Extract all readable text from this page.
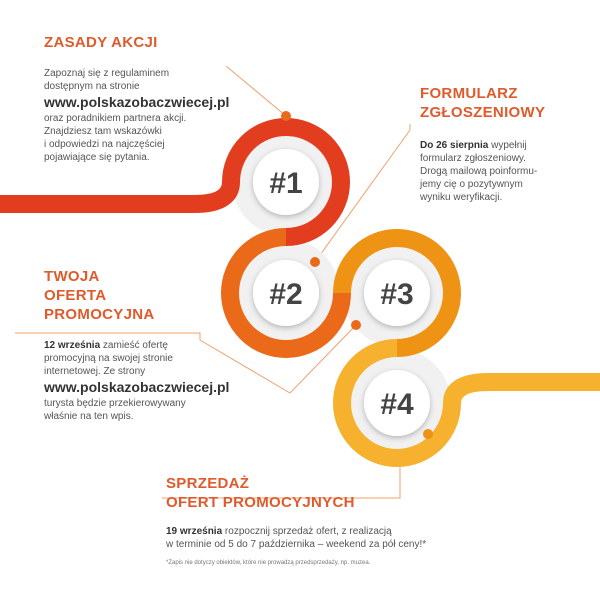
#1
#2	#3
#4
ZASADY AKCJI
Zapoznaj się z regulaminem
dostępnym na stronie
www.polskazobaczwiecej.pl
oraz poradnikiem partnera akcji.
Znajdziesz tam wskazówki
i odpowiedzi na najczęściej
pojawiające się pytania.
FORMULARZ
ZGŁOSZENIOWY
Do 26 sierpnia wypełnij
formularz zgłoszeniowy.
Drogą mailową poinformu-
jemy cię o pozytywnym
wyniku weryfikacji.
TWOJA
OFERTA
PROMOCYJNA
12 września zamieść ofertę
promocyjną na swojej stronie
internetowej. Ze strony
www.polskazobaczwiecej.pl
turysta będzie przekierowywany
właśnie na ten wpis.
SPRZEDAŻ
OFERT PROMOCYJNYCH
19 września rozpocznij sprzedaż ofert, z realizacją
w terminie od 5 do 7 października – weekend za pół ceny!*
*Zapis nie dotyczy obiektów, które nie prowadzą przedsprzedaży, np. muzea.
